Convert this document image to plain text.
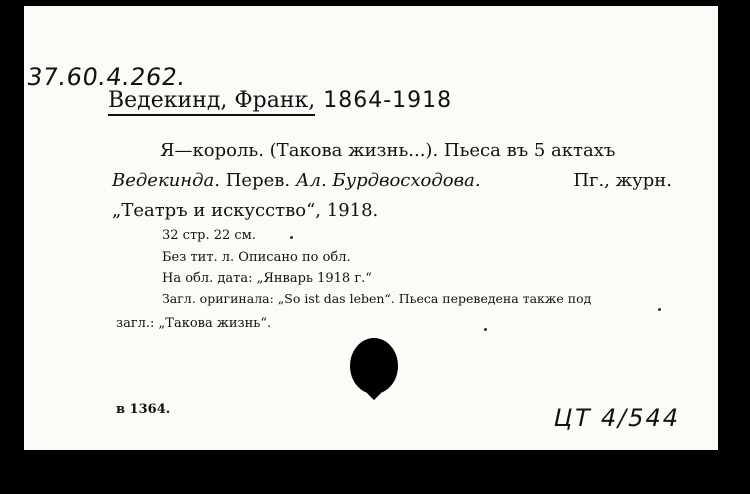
37.60.4.262.
Ведекинд, Франк, 1864-1918
Я—король. (Такова жизнь...). Пьеса въ 5 актахъ
Ведекинда. Перев. Ал. Бурдвосходова.	Пг., журн.
„Театръ и искусство“, 1918.
32 стр. 22 см.
Без тит. л. Описано по обл.
На обл. дата: „Январь 1918 г.“
Загл. оригинала: „So ist das leben“. Пьеса переведена также под
загл.: „Такова жизнь“.
в 1364.	ЦТ 4/544
